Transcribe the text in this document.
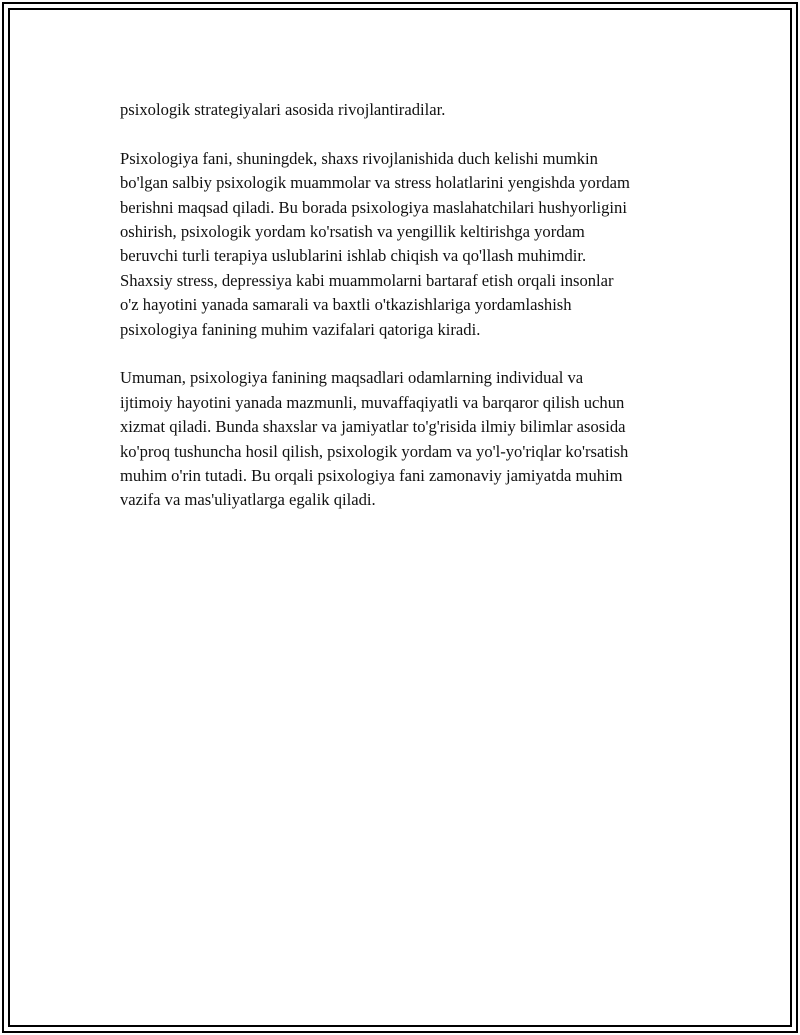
psixologik strategiyalari asosida rivojlantiradilar.

Psixologiya fani, shuningdek, shaxs rivojlanishida duch kelishi mumkin
bo'lgan salbiy psixologik muammolar va stress holatlarini yengishda yordam
berishni maqsad qiladi. Bu borada psixologiya maslahatchilari hushyorligini
oshirish, psixologik yordam ko'rsatish va yengillik keltirishga yordam
beruvchi turli terapiya uslublarini ishlab chiqish va qo'llash muhimdir.
Shaxsiy stress, depressiya kabi muammolarni bartaraf etish orqali insonlar
o'z hayotini yanada samarali va baxtli o'tkazishlariga yordamlashish
psixologiya fanining muhim vazifalari qatoriga kiradi.

Umuman, psixologiya fanining maqsadlari odamlarning individual va
ijtimoiy hayotini yanada mazmunli, muvaffaqiyatli va barqaror qilish uchun
xizmat qiladi. Bunda shaxslar va jamiyatlar to'g'risida ilmiy bilimlar asosida
ko'proq tushuncha hosil qilish, psixologik yordam va yo'l-yo'riqlar ko'rsatish
muhim o'rin tutadi. Bu orqali psixologiya fani zamonaviy jamiyatda muhim
vazifa va mas'uliyatlarga egalik qiladi.
